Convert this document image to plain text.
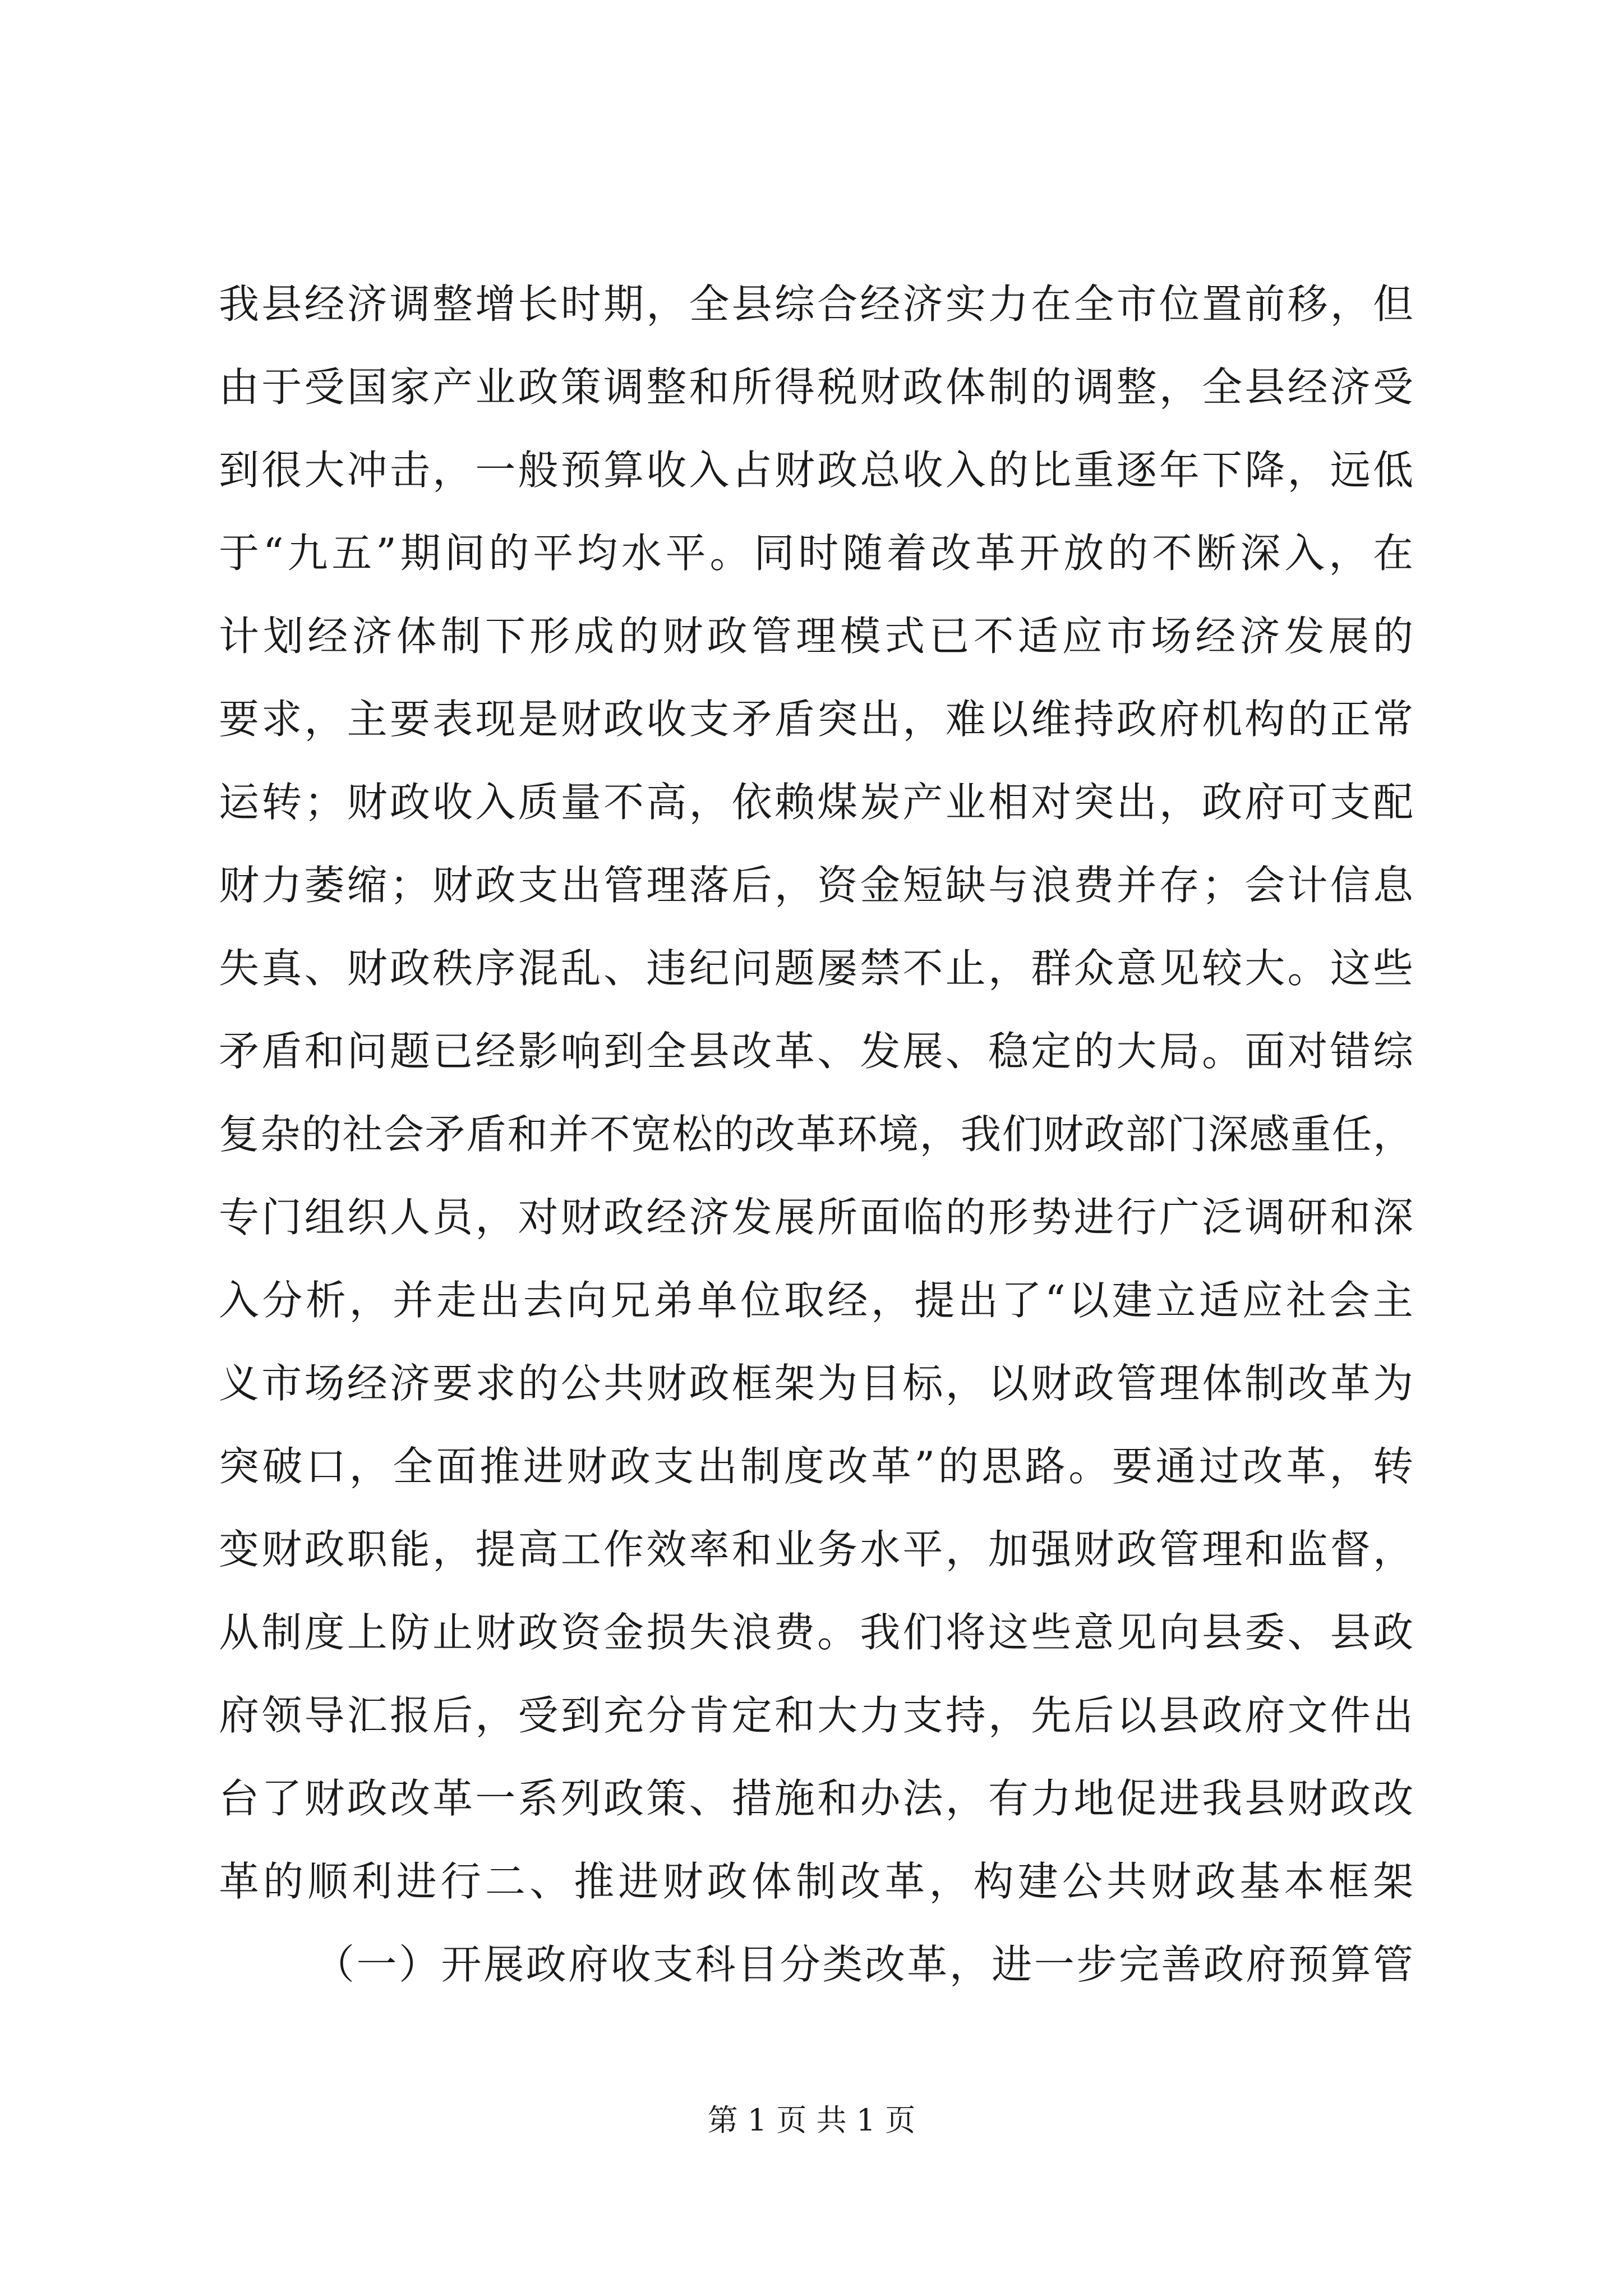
我县经济调整增长时期，全县综合经济实力在全市位置前移，但
由于受国家产业政策调整和所得税财政体制的调整，全县经济受
到很大冲击，一般预算收入占财政总收入的比重逐年下降，远低
于“九五”期间的平均水平。同时随着改革开放的不断深入，在
计划经济体制下形成的财政管理模式已不适应市场经济发展的
要求，主要表现是财政收支矛盾突出，难以维持政府机构的正常
运转；财政收入质量不高，依赖煤炭产业相对突出，政府可支配
财力萎缩；财政支出管理落后，资金短缺与浪费并存；会计信息
失真、财政秩序混乱、违纪问题屡禁不止，群众意见较大。这些
矛盾和问题已经影响到全县改革、发展、稳定的大局。面对错综
复杂的社会矛盾和并不宽松的改革环境，我们财政部门深感重任，
专门组织人员，对财政经济发展所面临的形势进行广泛调研和深
入分析，并走出去向兄弟单位取经，提出了“以建立适应社会主
义市场经济要求的公共财政框架为目标，以财政管理体制改革为
突破口，全面推进财政支出制度改革”的思路。要通过改革，转
变财政职能，提高工作效率和业务水平，加强财政管理和监督，
从制度上防止财政资金损失浪费。我们将这些意见向县委、县政
府领导汇报后，受到充分肯定和大力支持，先后以县政府文件出
台了财政改革一系列政策、措施和办法，有力地促进我县财政改
革的顺利进行二、推进财政体制改革，构建公共财政基本框架
（一）开展政府收支科目分类改革，进一步完善政府预算管
第 1 页 共 1 页
